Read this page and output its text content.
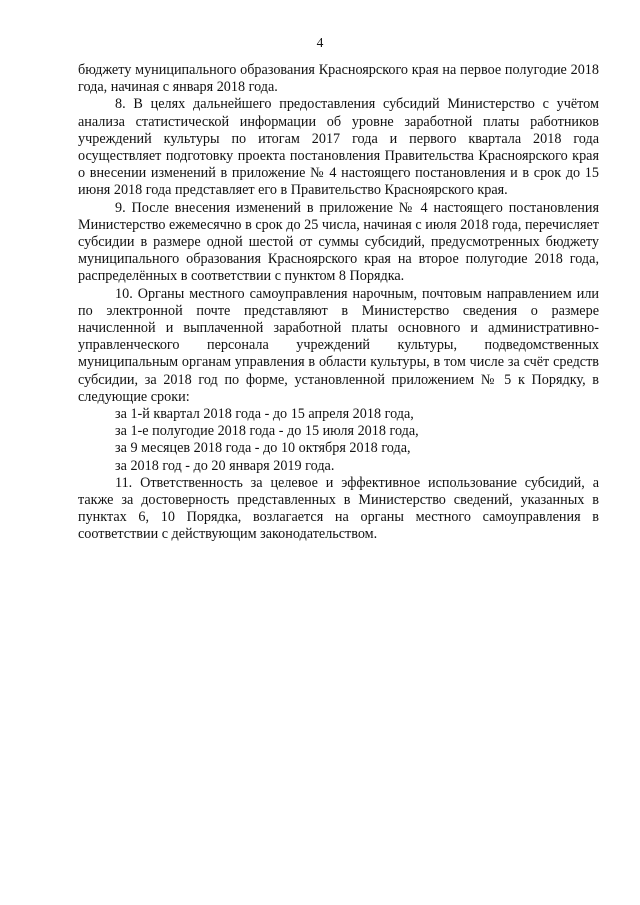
4

бюджету муниципального образования Красноярского края на первое полугодие 2018 года, начиная с января 2018 года.

8. В целях дальнейшего предоставления субсидий Министерство с учётом анализа статистической информации об уровне заработной платы работников учреждений культуры по итогам 2017 года и первого квартала 2018 года осуществляет подготовку проекта постановления Правительства Красноярского края о внесении изменений в приложение № 4 настоящего постановления и в срок до 15 июня 2018 года представляет его в Правительство Красноярского края.

9. После внесения изменений в приложение № 4 настоящего постановления Министерство ежемесячно в срок до 25 числа, начиная с июля 2018 года, перечисляет субсидии в размере одной шестой от суммы субсидий, предусмотренных бюджету муниципального образования Красноярского края на второе полугодие 2018 года, распределённых в соответствии с пунктом 8 Порядка.

10. Органы местного самоуправления нарочным, почтовым направлением или по электронной почте представляют в Министерство сведения о размере начисленной и выплаченной заработной платы основного и административно-управленческого персонала учреждений культуры, подведомственных муниципальным органам управления в области культуры, в том числе за счёт средств субсидии, за 2018 год по форме, установленной приложением № 5 к Порядку, в следующие сроки:

за 1-й квартал 2018 года - до 15 апреля 2018 года,
за 1-е полугодие 2018 года - до 15 июля 2018 года,
за 9 месяцев 2018 года - до 10 октября 2018 года,
за 2018 год - до 20 января 2019 года.

11. Ответственность за целевое и эффективное использование субсидий, а также за достоверность представленных в Министерство сведений, указанных в пунктах 6, 10 Порядка, возлагается на органы местного самоуправления в соответствии с действующим законодательством.
